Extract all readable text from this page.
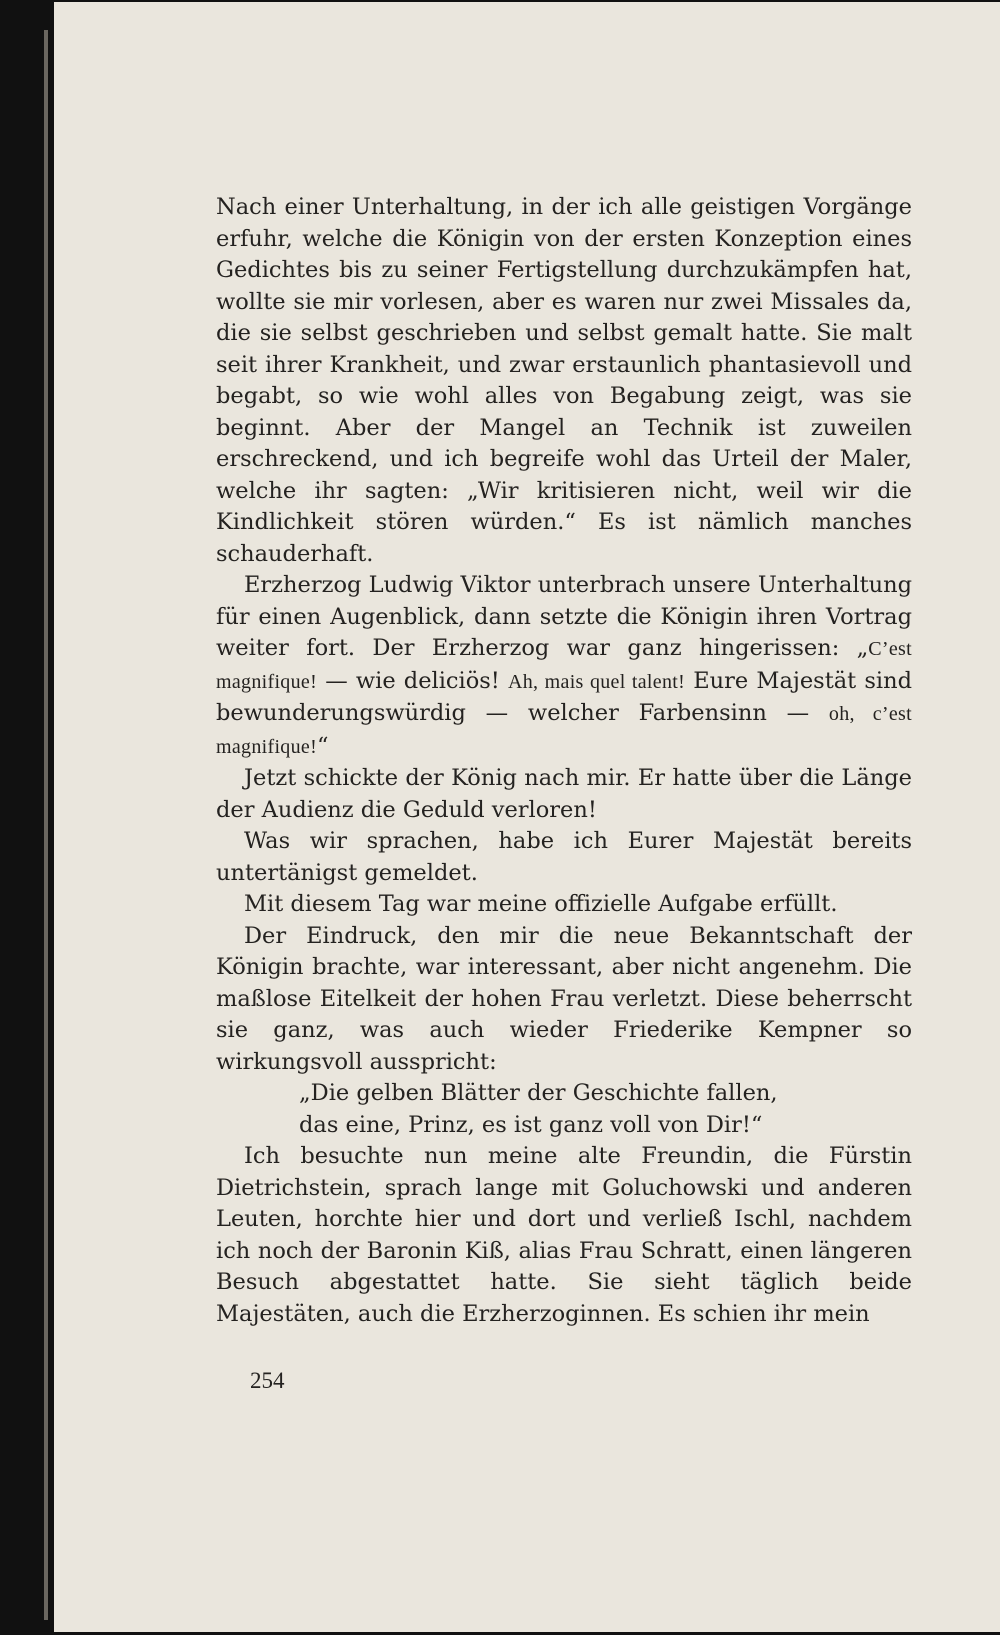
Nach einer Unterhaltung, in der ich alle geistigen Vorgänge erfuhr, welche die Königin von der ersten Konzeption eines Gedichtes bis zu seiner Fertigstellung durchzukämpfen hat, wollte sie mir vorlesen, aber es waren nur zwei Missales da, die sie selbst geschrieben und selbst gemalt hatte. Sie malt seit ihrer Krankheit, und zwar erstaunlich phantasievoll und begabt, so wie wohl alles von Begabung zeigt, was sie beginnt. Aber der Mangel an Technik ist zuweilen erschreckend, und ich begreife wohl das Urteil der Maler, welche ihr sagten: „Wir kritisieren nicht, weil wir die Kindlichkeit stören würden.“ Es ist nämlich manches schauderhaft.

Erzherzog Ludwig Viktor unterbrach unsere Unterhaltung für einen Augenblick, dann setzte die Königin ihren Vortrag weiter fort. Der Erzherzog war ganz hingerissen: „C’est magnifique! — wie deliciös! Ah, mais quel talent! Eure Majestät sind bewunderungswürdig — welcher Farbensinn — oh, c’est magnifique!“

Jetzt schickte der König nach mir. Er hatte über die Länge der Audienz die Geduld verloren!

Was wir sprachen, habe ich Eurer Majestät bereits untertänigst gemeldet.

Mit diesem Tag war meine offizielle Aufgabe erfüllt.

Der Eindruck, den mir die neue Bekanntschaft der Königin brachte, war interessant, aber nicht angenehm. Die maßlose Eitelkeit der hohen Frau verletzt. Diese beherrscht sie ganz, was auch wieder Friederike Kempner so wirkungsvoll ausspricht:

„Die gelben Blätter der Geschichte fallen,
das eine, Prinz, es ist ganz voll von Dir!“

Ich besuchte nun meine alte Freundin, die Fürstin Dietrichstein, sprach lange mit Goluchowski und anderen Leuten, horchte hier und dort und verließ Ischl, nachdem ich noch der Baronin Kiß, alias Frau Schratt, einen längeren Besuch abgestattet hatte. Sie sieht täglich beide Majestäten, auch die Erzherzoginnen. Es schien ihr mein

254
